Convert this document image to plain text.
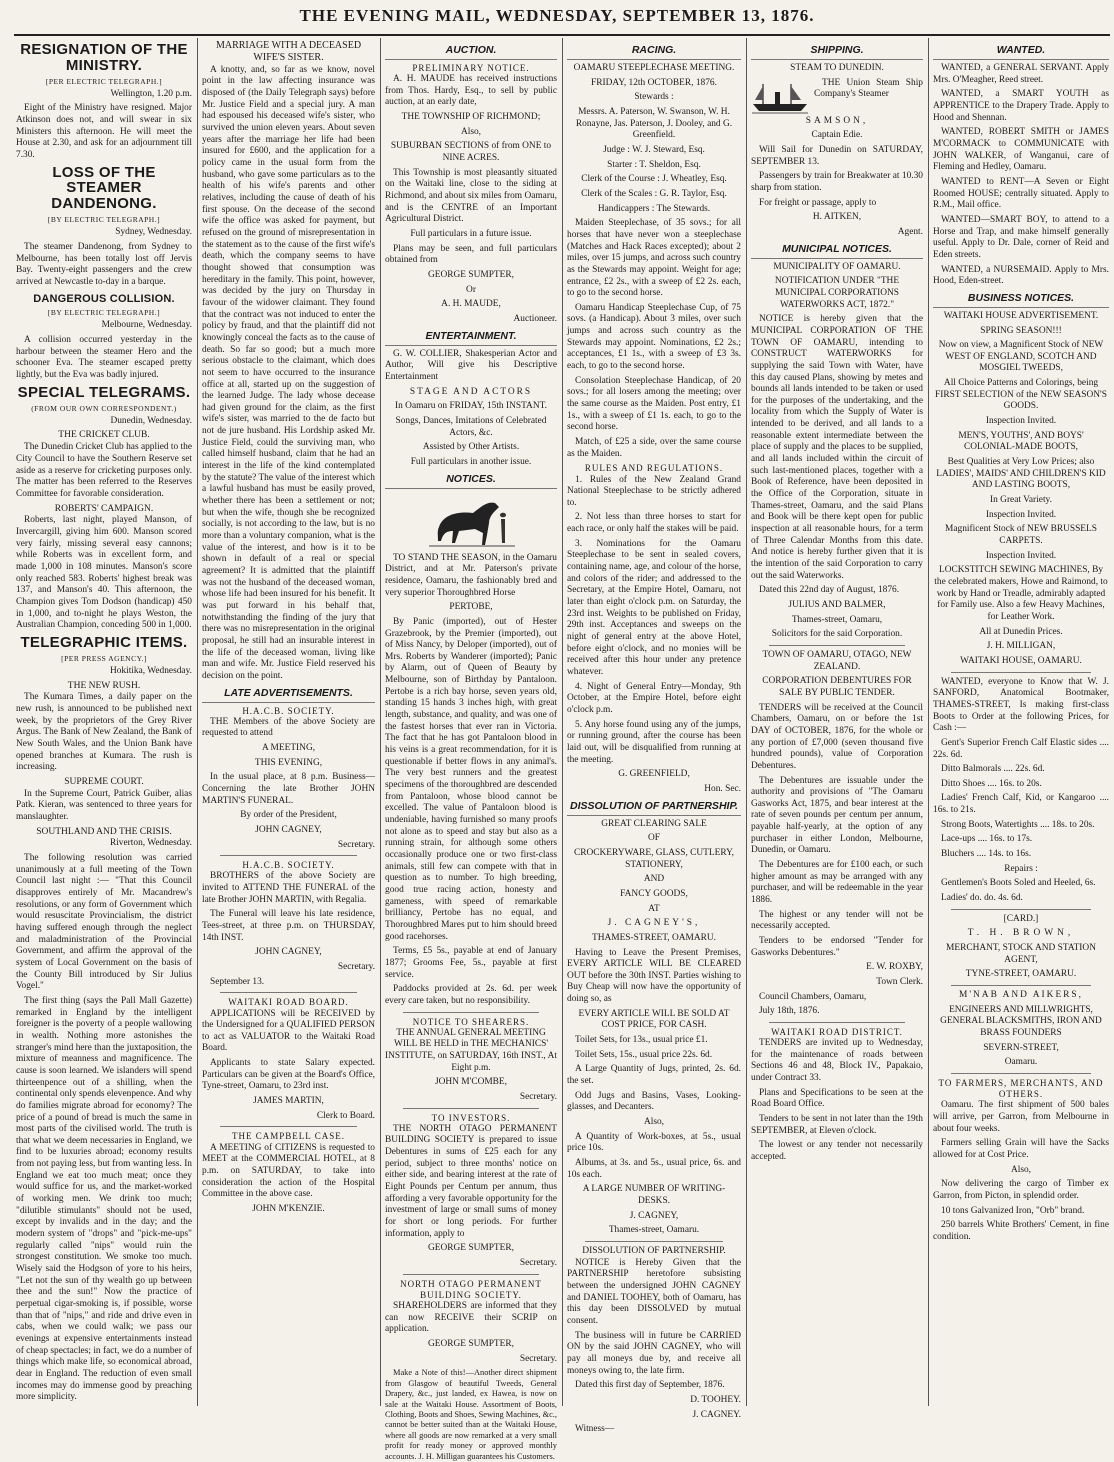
THE EVENING MAIL, WEDNESDAY, SEPTEMBER 13, 1876.
RESIGNATION OF THE MINISTRY.
[PER ELECTRIC TELEGRAPH.]

Wellington, 1.20 p.m.

Eight of the Ministry have resigned. Major Atkinson does not, and will swear in six Ministers this afternoon. He will meet the House at 2.30, and ask for an adjournment till 7.30.

LOSS OF THE STEAMER DANDENONG.
[BY ELECTRIC TELEGRAPH.]

Sydney, Wednesday.

The steamer Dandenong, from Sydney to Melbourne, has been totally lost off Jervis Bay. Twenty-eight passengers and the crew arrived at Newcastle to-day in a barque.

DANGEROUS COLLISION.
[BY ELECTRIC TELEGRAPH.]

Melbourne, Wednesday.

A collision occurred yesterday in the harbour between the steamer Hero and the schooner Eva. The steamer escaped pretty lightly, but the Eva was badly injured.

SPECIAL TELEGRAMS.
(FROM OUR OWN CORRESPONDENT.)

Dunedin, Wednesday.

THE CRICKET CLUB.

The Dunedin Cricket Club has applied to the City Council to have the Southern Reserve set aside as a reserve for cricketing purposes only. The matter has been referred to the Reserves Committee for favorable consideration.

ROBERTS' CAMPAIGN.

Roberts, last night, played Manson, of Invercargill, giving him 600. Manson scored very fairly, missing several easy cannons; while Roberts was in excellent form, and made 1,000 in 108 minutes. Manson's score only reached 583. Roberts' highest break was 137, and Manson's 40. This afternoon, the Champion gives Tom Dodson (handicap) 450 in 1,000, and to-night he plays Weston, the Australian Champion, conceding 500 in 1,000.

TELEGRAPHIC ITEMS.
[PER PRESS AGENCY.]

Hokitika, Wednesday.

THE NEW RUSH.

The Kumara Times, a daily paper on the new rush, is announced to be published next week, by the proprietors of the Grey River Argus. The Bank of New Zealand, the Bank of New South Wales, and the Union Bank have opened branches at Kumara. The rush is increasing.

SUPREME COURT.

In the Supreme Court, Patrick Guiber, alias Patk. Kieran, was sentenced to three years for manslaughter.

SOUTHLAND AND THE CRISIS.

Riverton, Wednesday.

The following resolution was carried unanimously at a full meeting of the Town Council last night :— "That this Council disapproves entirely of Mr. Macandrew's resolutions, or any form of Government which would resuscitate Provincialism, the district having suffered enough through the neglect and maladministration of the Provincial Government, and affirm the approval of the system of Local Government on the basis of the County Bill introduced by Sir Julius Vogel."

The first thing (says the Pall Mall Gazette) remarked in England by the intelligent foreigner is the poverty of a people wallowing in wealth. Nothing more astonishes the stranger's mind here than the juxtaposition, the mixture of meanness and magnificence. The cause is soon learned. We islanders will spend thirteenpence out of a shilling, when the continental only spends elevenpence. And why do families migrate abroad for economy? The price of a pound of bread is much the same in most parts of the civilised world. The truth is that what we deem necessaries in England, we find to be luxuries abroad; economy results from not paying less, but from wanting less. In England we eat too much meat; once they would suffice for us, and the market-worked of working men. We drink too much; "dilutible stimulants" should not be used, except by invalids and in the day; and the modern system of "drops" and "pick-me-ups" regularly called "nips" would ruin the strongest constitution. We smoke too much. Wisely said the Hodgson of yore to his heirs, "Let not the sun of thy wealth go up between thee and the sun!" Now the practice of perpetual cigar-smoking is, if possible, worse than that of "nips," and ride and drive even in cabs, when we could walk; we pass our evenings at expensive entertainments instead of cheap spectacles; in fact, we do a number of things which make life, so economical abroad, dear in England. The reduction of even small incomes may do immense good by preaching more simplicity.

MARRIAGE WITH A DECEASED WIFE'S SISTER.

A knotty, and, so far as we know, novel point in the law affecting insurance was disposed of (the Daily Telegraph says) before Mr. Justice Field and a special jury. A man had espoused his deceased wife's sister, who survived the union eleven years. About seven years after the marriage her life had been insured for £600, and the application for a policy came in the usual form from the husband, who gave some particulars as to the health of his wife's parents and other relatives, including the cause of death of his first spouse. On the decease of the second wife the office was asked for payment, but refused on the ground of misrepresentation in the statement as to the cause of the first wife's death, which the company seems to have thought showed that consumption was hereditary in the family. This point, however, was decided by the jury on Thursday in favour of the widower claimant. They found that the contract was not induced to enter the policy by fraud, and that the plaintiff did not knowingly conceal the facts as to the cause of death. So far so good; but a much more serious obstacle to the claimant, which does not seem to have occurred to the insurance office at all, started up on the suggestion of the learned Judge. The lady whose decease had given ground for the claim, as the first wife's sister, was married to the de facto but not de jure husband. His Lordship asked Mr. Justice Field, could the surviving man, who called himself husband, claim that he had an interest in the life of the kind contemplated by the statute? The value of the interest which a lawful husband has must be easily proved, whether there has been a settlement or not; but when the wife, though she be recognized socially, is not according to the law, but is no more than a voluntary companion, what is the value of the interest, and how is it to be shown in default of a real or special agreement? It is admitted that the plaintiff was not the husband of the deceased woman, whose life had been insured for his benefit. It was put forward in his behalf that, notwithstanding the finding of the jury that there was no misrepresentation in the original proposal, he still had an insurable interest in the life of the deceased woman, living like man and wife. Mr. Justice Field reserved his decision on the point.

LATE ADVERTISEMENTS.
H.A.C.B. SOCIETY.

THE Members of the above Society are requested to attend

A MEETING,

THIS EVENING,

In the usual place, at 8 p.m. Business—Concerning the late Brother JOHN MARTIN'S FUNERAL.

By order of the President,

JOHN CAGNEY,

Secretary.

H.A.C.B. SOCIETY.

BROTHERS of the above Society are invited to ATTEND THE FUNERAL of the late Brother JOHN MARTIN, with Regalia.

The Funeral will leave his late residence, Tees-street, at three p.m. on THURSDAY, 14th INST.

JOHN CAGNEY,

Secretary.

September 13.

WAITAKI ROAD BOARD.

APPLICATIONS will be RECEIVED by the Undersigned for a QUALIFIED PERSON to act as VALUATOR to the Waitaki Road Board.

Applicants to state Salary expected. Particulars can be given at the Board's Office, Tyne-street, Oamaru, to 23rd inst.

JAMES MARTIN,

Clerk to Board.

THE CAMPBELL CASE.

A MEETING of CITIZENS is requested to MEET at the COMMERCIAL HOTEL, at 8 p.m. on SATURDAY, to take into consideration the action of the Hospital Committee in the above case.

JOHN M'KENZIE.

AUCTION.
PRELIMINARY NOTICE.

A. H. MAUDE has received instructions from Thos. Hardy, Esq., to sell by public auction, at an early date,

THE TOWNSHIP OF RICHMOND;

Also,

SUBURBAN SECTIONS of from ONE to NINE ACRES.

This Township is most pleasantly situated on the Waitaki line, close to the siding at Richmond, and about six miles from Oamaru, and is the CENTRE of an Important Agricultural District.

Full particulars in a future issue.

Plans may be seen, and full particulars obtained from

GEORGE SUMPTER,

Or

A. H. MAUDE,

Auctioneer.

ENTERTAINMENT.

G. W. COLLIER, Shakesperian Actor and Author, Will give his Descriptive Entertainment

STAGE AND ACTORS

In Oamaru on FRIDAY, 15th INSTANT.

Songs, Dances, Imitations of Celebrated Actors, &c.

Assisted by Other Artists.

Full particulars in another issue.

NOTICES.

TO STAND THE SEASON, in the Oamaru District, and at Mr. Paterson's private residence, Oamaru, the fashionably bred and very superior Thoroughbred Horse

PERTOBE,

By Panic (imported), out of Hester Grazebrook, by the Premier (imported), out of Miss Nancy, by Deloper (imported), out of Mrs. Roberts by Wanderer (imported); Panic by Alarm, out of Queen of Beauty by Melbourne, son of Birthday by Pantaloon. Pertobe is a rich bay horse, seven years old, standing 15 hands 3 inches high, with great length, substance, and quality, and was one of the fastest horses that ever ran in Victoria. The fact that he has got Pantaloon blood in his veins is a great recommendation, for it is questionable if better flows in any animal's. The very best runners and the greatest specimens of the thoroughbred are descended from Pantaloon, whose blood cannot be excelled. The value of Pantaloon blood is undeniable, having furnished so many proofs not alone as to speed and stay but also as a running strain, for although some others occasionally produce one or two first-class animals, still few can compete with that in question as to number. To high breeding, good true racing action, honesty and gameness, with speed of remarkable brilliancy, Pertobe has no equal, and Thoroughbred Mares put to him should breed good racehorses.

Terms, £5 5s., payable at end of January 1877; Grooms Fee, 5s., payable at first service.

Paddocks provided at 2s. 6d. per week every care taken, but no responsibility.

NOTICE TO SHEARERS.

THE ANNUAL GENERAL MEETING WILL BE HELD in THE MECHANICS' INSTITUTE, on SATURDAY, 16th INST., At Eight p.m.

JOHN M'COMBE,

Secretary.

TO INVESTORS.

THE NORTH OTAGO PERMANENT BUILDING SOCIETY is prepared to issue Debentures in sums of £25 each for any period, subject to three months' notice on either side, and bearing interest at the rate of Eight Pounds per Centum per annum, thus affording a very favorable opportunity for the investment of large or small sums of money for short or long periods. For further information, apply to

GEORGE SUMPTER,

Secretary.

NORTH OTAGO PERMANENT BUILDING SOCIETY.

SHAREHOLDERS are informed that they can now RECEIVE their SCRIP on application.

GEORGE SUMPTER,

Secretary.

Make a Note of this!—Another direct shipment from Glasgow of beautiful Tweeds, General Drapery, &c., just landed, ex Hawea, is now on sale at the Waitaki House. Assortment of Boots, Clothing, Boots and Shoes, Sewing Machines, &c., cannot be better suited than at the Waitaki House, where all goods are now remarked at a very small profit for ready money or approved monthly accounts. J. H. Milligan guarantees his Customers.

RACING.

OAMARU STEEPLECHASE MEETING.

FRIDAY, 12th OCTOBER, 1876.

Stewards :

Messrs. A. Paterson, W. Swanson, W. H. Ronayne, Jas. Paterson, J. Dooley, and G. Greenfield.

Judge : W. J. Steward, Esq.

Starter : T. Sheldon, Esq.

Clerk of the Course : J. Wheatley, Esq.

Clerk of the Scales : G. R. Taylor, Esq.

Handicappers : The Stewards.

Maiden Steeplechase, of 35 sovs.; for all horses that have never won a steeplechase (Matches and Hack Races excepted); about 2 miles, over 15 jumps, and across such country as the Stewards may appoint. Weight for age; entrance, £2 2s., with a sweep of £2 2s. each, to go to the second horse.

Oamaru Handicap Steeplechase Cup, of 75 sovs. (a Handicap). About 3 miles, over such jumps and across such country as the Stewards may appoint. Nominations, £2 2s.; acceptances, £1 1s., with a sweep of £3 3s. each, to go to the second horse.

Consolation Steeplechase Handicap, of 20 sovs.; for all losers among the meeting; over the same course as the Maiden. Post entry, £1 1s., with a sweep of £1 1s. each, to go to the second horse.

Match, of £25 a side, over the same course as the Maiden.

RULES AND REGULATIONS.

1. Rules of the New Zealand Grand National Steeplechase to be strictly adhered to.

2. Not less than three horses to start for each race, or only half the stakes will be paid.

3. Nominations for the Oamaru Steeplechase to be sent in sealed covers, containing name, age, and colour of the horse, and colors of the rider; and addressed to the Secretary, at the Empire Hotel, Oamaru, not later than eight o'clock p.m. on Saturday, the 23rd inst. Weights to be published on Friday, 29th inst. Acceptances and sweeps on the night of general entry at the above Hotel, before eight o'clock, and no monies will be received after this hour under any pretence whatever.

4. Night of General Entry—Monday, 9th October, at the Empire Hotel, before eight o'clock p.m.

5. Any horse found using any of the jumps, or running ground, after the course has been laid out, will be disqualified from running at the meeting.

G. GREENFIELD,

Hon. Sec.

DISSOLUTION OF PARTNERSHIP.

GREAT CLEARING SALE

OF

CROCKERYWARE, GLASS, CUTLERY, STATIONERY,

AND

FANCY GOODS,

AT

J. CAGNEY'S,

THAMES-STREET, OAMARU.

Having to Leave the Present Premises, EVERY ARTICLE WILL BE CLEARED OUT before the 30th INST. Parties wishing to Buy Cheap will now have the opportunity of doing so, as

EVERY ARTICLE WILL BE SOLD AT COST PRICE, FOR CASH.

Toilet Sets, for 13s., usual price £1.

Toilet Sets, 15s., usual price 22s. 6d.

A Large Quantity of Jugs, printed, 2s. 6d. the set.

Odd Jugs and Basins, Vases, Looking-glasses, and Decanters.

Also,

A Quantity of Work-boxes, at 5s., usual price 10s.

Albums, at 3s. and 5s., usual price, 6s. and 10s each.

A LARGE NUMBER OF WRITING-DESKS.

J. CAGNEY,

Thames-street, Oamaru.

DISSOLUTION OF PARTNERSHIP.

NOTICE is Hereby Given that the PARTNERSHIP heretofore subsisting between the undersigned JOHN CAGNEY and DANIEL TOOHEY, both of Oamaru, has this day been DISSOLVED by mutual consent.

The business will in future be CARRIED ON by the said JOHN CAGNEY, who will pay all moneys due by, and receive all moneys owing to, the late firm.

Dated this first day of September, 1876.

D. TOOHEY.

J. CAGNEY.

Witness—

SHIPPING.

STEAM TO DUNEDIN.

THE Union Steam Ship Company's Steamer

SAMSON,

Captain Edie.

Will Sail for Dunedin on SATURDAY, SEPTEMBER 13.

Passengers by train for Breakwater at 10.30 sharp from station.

For freight or passage, apply to

H. AITKEN,

Agent.

MUNICIPAL NOTICES.

MUNICIPALITY OF OAMARU.

NOTIFICATION UNDER "THE MUNICIPAL CORPORATIONS WATERWORKS ACT, 1872."

NOTICE is hereby given that the MUNICIPAL CORPORATION OF THE TOWN OF OAMARU, intending to CONSTRUCT WATERWORKS for supplying the said Town with Water, have this day caused Plans, showing by metes and bounds all lands intended to be taken or used for the purposes of the undertaking, and the locality from which the Supply of Water is intended to be derived, and all lands to a reasonable extent intermediate between the place of supply and the places to be supplied, and all lands included within the circuit of such last-mentioned places, together with a Book of Reference, have been deposited in the Office of the Corporation, situate in Thames-street, Oamaru, and the said Plans and Book will be there kept open for public inspection at all reasonable hours, for a term of Three Calendar Months from this date. And notice is hereby further given that it is the intention of the said Corporation to carry out the said Waterworks.

Dated this 22nd day of August, 1876.

JULIUS AND BALMER,

Thames-street, Oamaru,

Solicitors for the said Corporation.

TOWN OF OAMARU, OTAGO, NEW ZEALAND.

CORPORATION DEBENTURES FOR SALE BY PUBLIC TENDER.

TENDERS will be received at the Council Chambers, Oamaru, on or before the 1st DAY of OCTOBER, 1876, for the whole or any portion of £7,000 (seven thousand five hundred pounds), value of Corporation Debentures.

The Debentures are issuable under the authority and provisions of "The Oamaru Gasworks Act, 1875, and bear interest at the rate of seven pounds per centum per annum, payable half-yearly, at the option of any purchaser in either London, Melbourne, Dunedin, or Oamaru.

The Debentures are for £100 each, or such higher amount as may be arranged with any purchaser, and will be redeemable in the year 1886.

The highest or any tender will not be necessarily accepted.

Tenders to be endorsed "Tender for Gasworks Debentures."

E. W. ROXBY,

Town Clerk.

Council Chambers, Oamaru,

July 18th, 1876.

WAITAKI ROAD DISTRICT.

TENDERS are invited up to Wednesday, for the maintenance of roads between Sections 46 and 48, Block IV., Papakaio, under Contract 33.

Plans and Specifications to be seen at the Road Board Office.

Tenders to be sent in not later than the 19th SEPTEMBER, at Eleven o'clock.

The lowest or any tender not necessarily accepted.

WANTED.

WANTED, a GENERAL SERVANT. Apply Mrs. O'Meagher, Reed street.

WANTED, a SMART YOUTH as APPRENTICE to the Drapery Trade. Apply to Hood and Shennan.

WANTED, ROBERT SMITH or JAMES M'CORMACK to COMMUNICATE with JOHN WALKER, of Wanganui, care of Fleming and Hedley, Oamaru.

WANTED to RENT—A Seven or Eight Roomed HOUSE; centrally situated. Apply to R.M., Mail office.

WANTED—SMART BOY, to attend to a Horse and Trap, and make himself generally useful. Apply to Dr. Dale, corner of Reid and Eden streets.

WANTED, a NURSEMAID. Apply to Mrs. Hood, Eden-street.

BUSINESS NOTICES.

WAITAKI HOUSE ADVERTISEMENT.

SPRING SEASON!!!

Now on view, a Magnificent Stock of NEW WEST OF ENGLAND, SCOTCH AND MOSGIEL TWEEDS,

All Choice Patterns and Colorings, being FIRST SELECTION of the NEW SEASON'S GOODS.

Inspection Invited.

MEN'S, YOUTHS', AND BOYS' COLONIAL-MADE BOOTS,

Best Qualities at Very Low Prices; also LADIES', MAIDS' AND CHILDREN'S KID AND LASTING BOOTS,

In Great Variety.

Inspection Invited.

Magnificent Stock of NEW BRUSSELS CARPETS.

Inspection Invited.

LOCKSTITCH SEWING MACHINES, By the celebrated makers, Howe and Raimond, to work by Hand or Treadle, admirably adapted for Family use. Also a few Heavy Machines, for Leather Work.

All at Dunedin Prices.

J. H. MILLIGAN,

WAITAKI HOUSE, OAMARU.

WANTED, everyone to Know that W. J. SANFORD, Anatomical Bootmaker, THAMES-STREET, Is making first-class Boots to Order at the following Prices, for Cash :—

Gent's Superior French Calf Elastic sides .... 22s. 6d.

Ditto Balmorals .... 22s. 6d.

Ditto Shoes .... 16s. to 20s.

Ladies' French Calf, Kid, or Kangaroo .... 16s. to 21s.

Strong Boots, Watertights .... 18s. to 20s.

Lace-ups .... 16s. to 17s.

Bluchers .... 14s. to 16s.

Repairs :

Gentlemen's Boots Soled and Heeled, 6s.

Ladies' do. do. 4s. 6d.

[CARD.]

T. H. BROWN,

MERCHANT, STOCK AND STATION AGENT,

TYNE-STREET, OAMARU.

M'NAB AND AIKERS,

ENGINEERS AND MILLWRIGHTS, GENERAL BLACKSMITHS, IRON AND BRASS FOUNDERS

SEVERN-STREET,

Oamaru.

TO FARMERS, MERCHANTS, AND OTHERS.

Oamaru. The first shipment of 500 bales will arrive, per Garron, from Melbourne in about four weeks.

Farmers selling Grain will have the Sacks allowed for at Cost Price.

Also,

Now delivering the cargo of Timber ex Garron, from Picton, in splendid order.

10 tons Galvanized Iron, "Orb" brand.

250 barrels White Brothers' Cement, in fine condition.
